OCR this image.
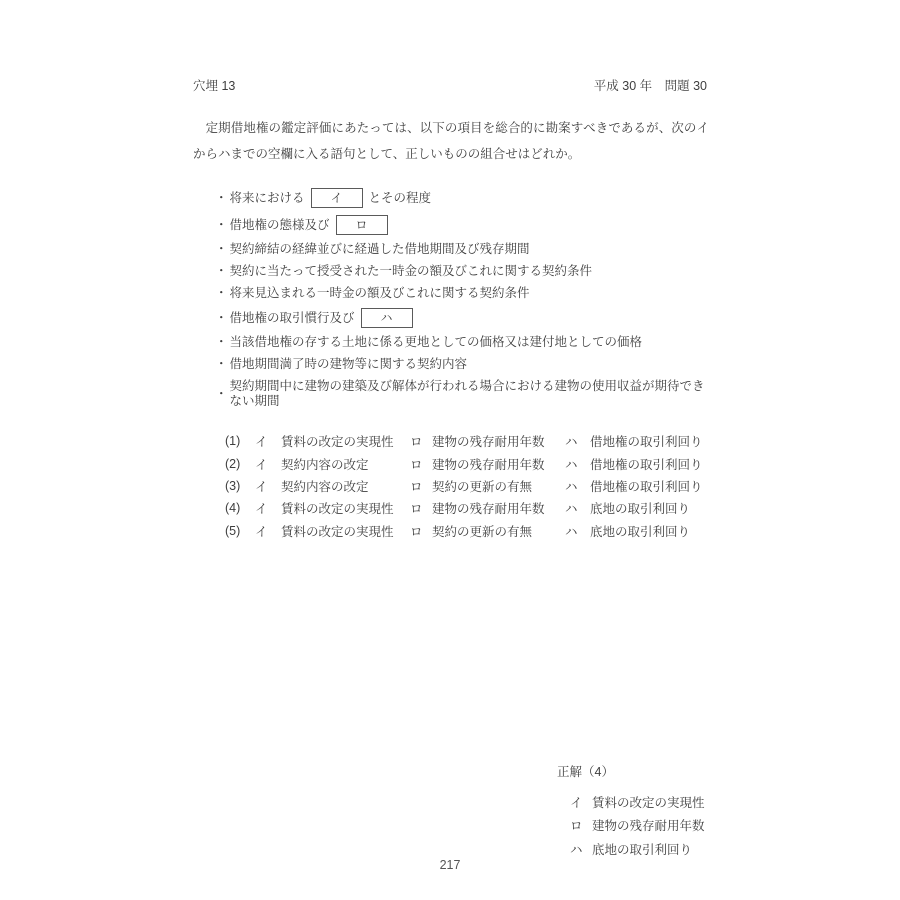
穴埋 13	平成 30 年　問題 30
　定期借地権の鑑定評価にあたっては、以下の項目を総合的に勘案すべきであるが、次のイからハまでの空欄に入る語句として、正しいものの組合せはどれか。
・ 将来における	イ	とその程度
・ 借地権の態様及び	ロ
・ 契約締結の経緯並びに経過した借地期間及び残存期間
・ 契約に当たって授受された一時金の額及びこれに関する契約条件
・ 将来見込まれる一時金の額及びこれに関する契約条件
・ 借地権の取引慣行及び	ハ
・ 当該借地権の存する土地に係る更地としての価格又は建付地としての価格
・ 借地期間満了時の建物等に関する契約内容
・
契約期間中に建物の建築及び解体が行われる場合における建物の使用収益が期待できない期間
(1)	イ	賃料の改定の実現性	ロ 建物の残存耐用年数	ハ 借地権の取引利回り
(2)	イ	契約内容の改定	ロ 建物の残存耐用年数	ハ 借地権の取引利回り
(3)	イ	契約内容の改定	ロ 契約の更新の有無	ハ 借地権の取引利回り
(4)	イ	賃料の改定の実現性	ロ 建物の残存耐用年数	ハ 底地の取引利回り
(5)	イ	賃料の改定の実現性	ロ 契約の更新の有無	ハ 底地の取引利回り
正解（4）
イ 賃料の改定の実現性
ロ 建物の残存耐用年数
ハ 底地の取引利回り
217
